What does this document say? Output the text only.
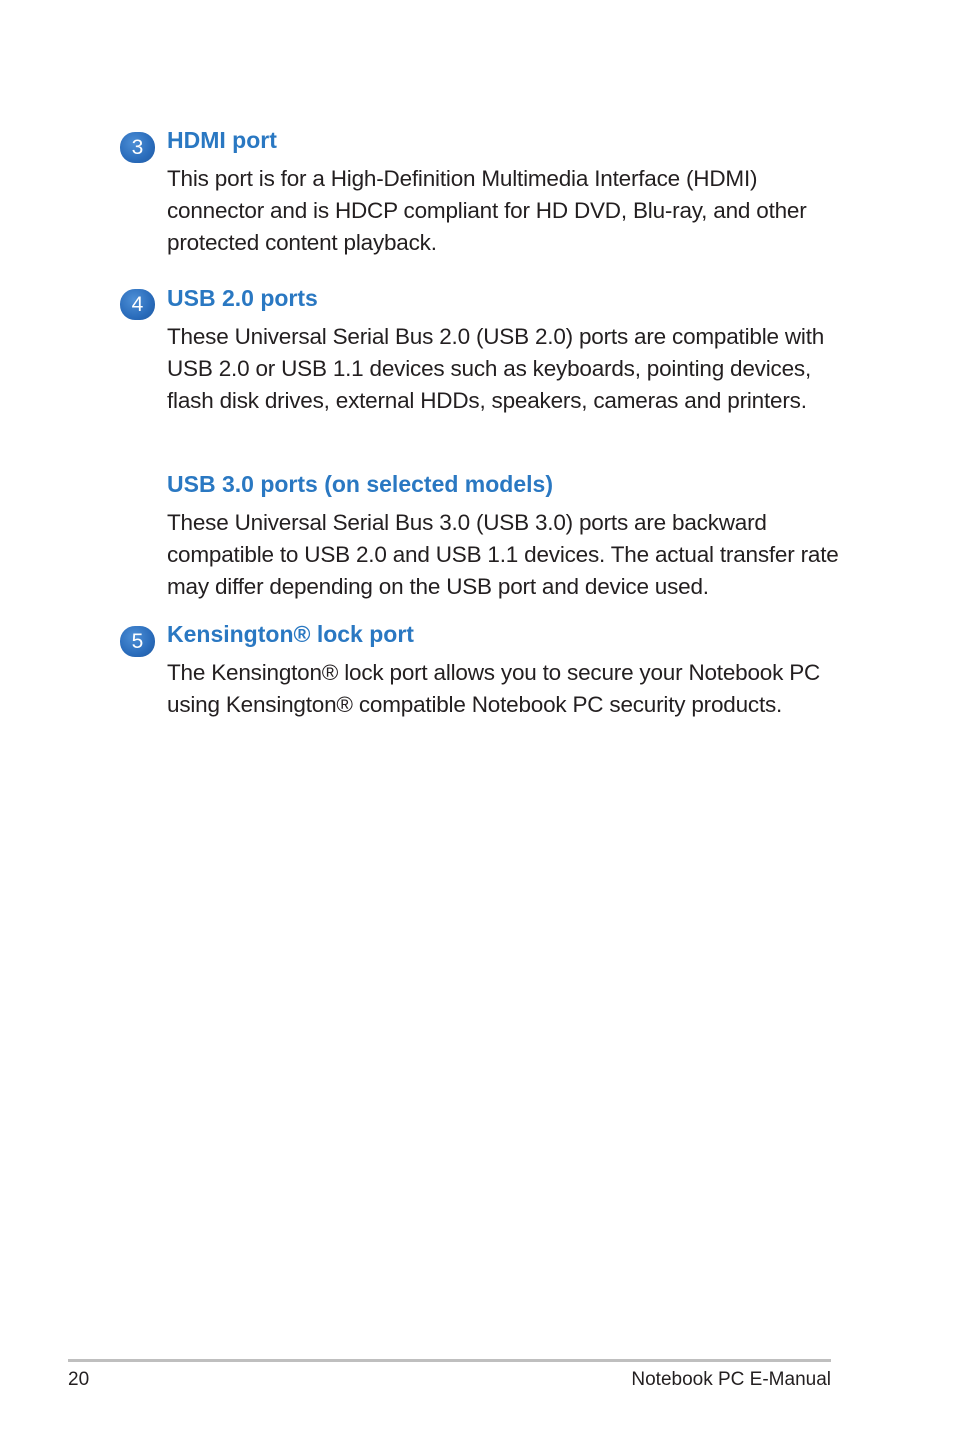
3	HDMI port

This port is for a High-Definition Multimedia Interface (HDMI) connector and is HDCP compliant for HD DVD, Blu-ray, and other protected content playback.

4	USB 2.0 ports

These Universal Serial Bus 2.0 (USB 2.0) ports are compatible with USB 2.0 or USB 1.1 devices such as keyboards, pointing devices, flash disk drives, external HDDs, speakers, cameras and printers.

USB 3.0 ports (on selected models)

These Universal Serial Bus 3.0 (USB 3.0) ports are backward compatible to USB 2.0 and USB 1.1 devices. The actual transfer rate may differ depending on the USB port and device used.

5	Kensington® lock port

The Kensington® lock port allows you to secure your Notebook PC using Kensington® compatible Notebook PC security products.

20	Notebook PC E-Manual
